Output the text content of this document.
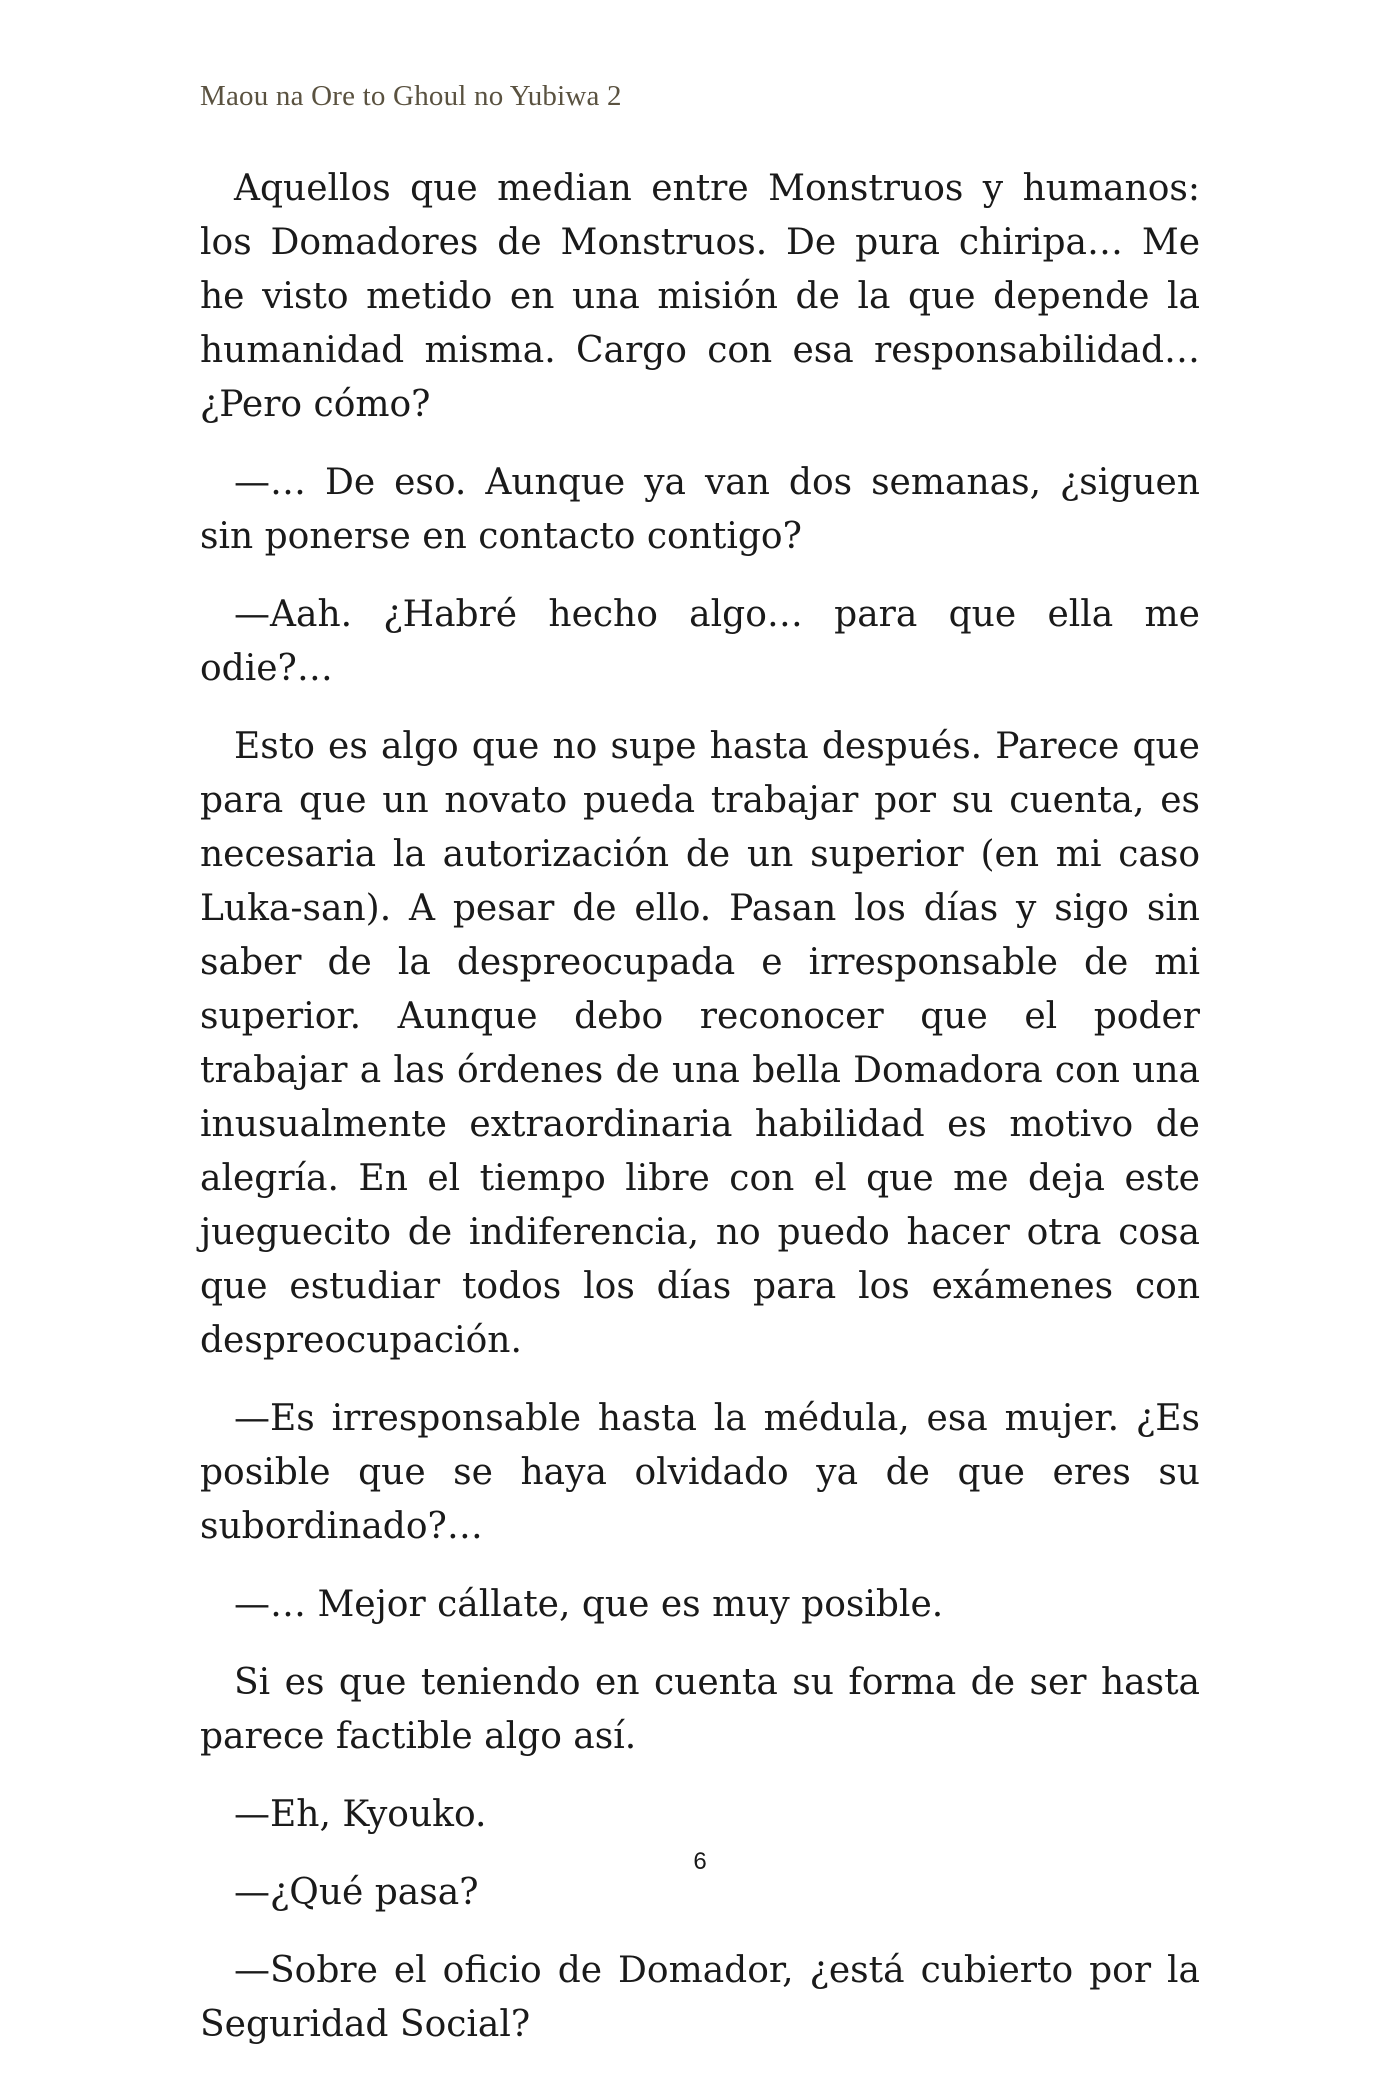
Maou na Ore to Ghoul no Yubiwa 2

Aquellos que median entre Monstruos y humanos: los Domadores de Monstruos. De pura chiripa… Me he visto metido en una misión de la que depende la humanidad misma. Cargo con esa responsabilidad… ¿Pero cómo?

—… De eso. Aunque ya van dos semanas, ¿siguen sin ponerse en contacto contigo?

—Aah. ¿Habré hecho algo… para que ella me odie?…

Esto es algo que no supe hasta después. Parece que para que un novato pueda trabajar por su cuenta, es necesaria la autorización de un superior (en mi caso Luka-san). A pesar de ello. Pasan los días y sigo sin saber de la despreocupada e irresponsable de mi superior. Aunque debo reconocer que el poder trabajar a las órdenes de una bella Domadora con una inusualmente extraordinaria habilidad es motivo de alegría. En el tiempo libre con el que me deja este jueguecito de indiferencia, no puedo hacer otra cosa que estudiar todos los días para los exámenes con despreocupación.

—Es irresponsable hasta la médula, esa mujer. ¿Es posible que se haya olvidado ya de que eres su subordinado?…

—… Mejor cállate, que es muy posible.

Si es que teniendo en cuenta su forma de ser hasta parece factible algo así.

—Eh, Kyouko.

—¿Qué pasa?

—Sobre el oficio de Domador, ¿está cubierto por la Seguridad Social?

6
